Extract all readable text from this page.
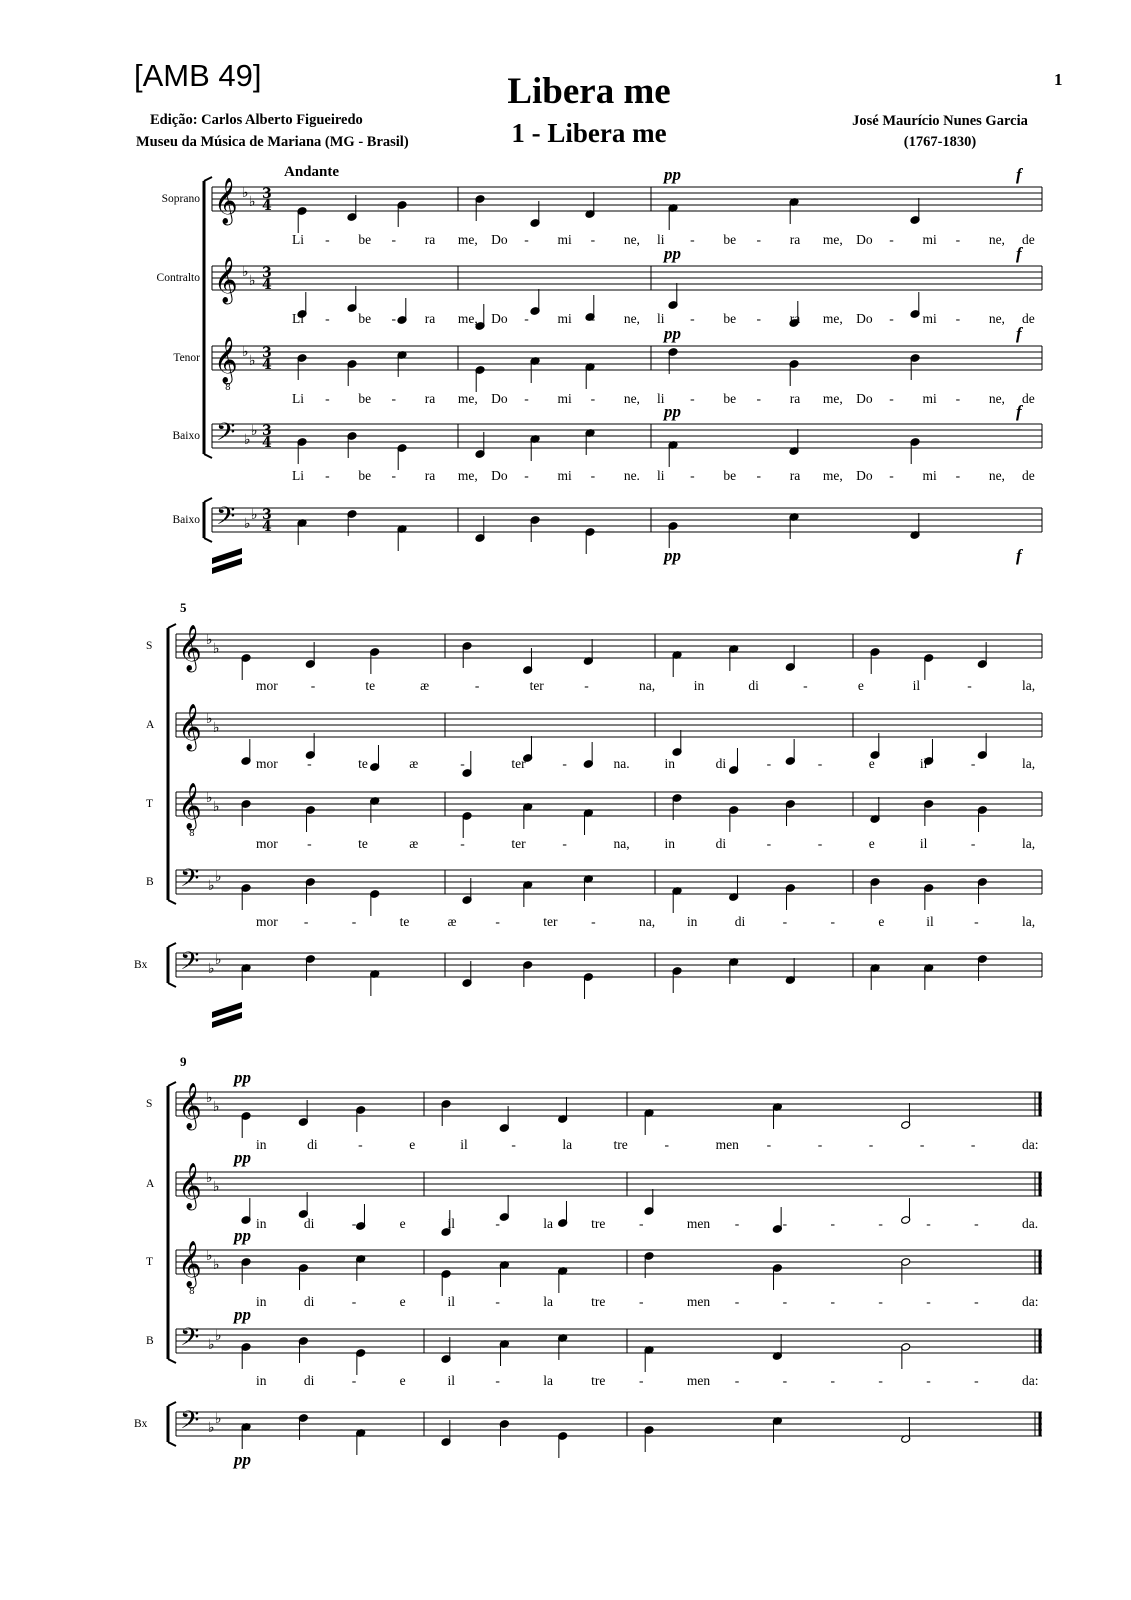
[AMB 49]	Libera me
1 - Libera me
1
Edição: Carlos Alberto Figueiredo
Museu da Música de Mariana (MG - Brasil)
José Maurício Nunes Garcia
(1767-1830)
Andante
𝄞 ♭
♭ 3
4
𝄞 ♭
♭ 3
4
𝄞
8
♭
♭ 3
4
𝄢 ♭
♭ 3
4
𝄢 ♭
♭ 3
4
𝄞 ♭
♭
𝄞 ♭
♭
𝄞
8
♭
♭
𝄢 ♭
♭
𝄢 ♭
♭
𝄞 ♭
♭
𝄞 ♭
♭
𝄞
8
♭
♭
𝄢 ♭
♭
𝄢 ♭
♭
Soprano
Li - be - ra me, Do - mi - ne, li - be - ra me, Do - mi - ne, de
pp	f
Contralto
Li - be - ra me, Do - mi - ne, li - be - ra me, Do - mi - ne, de
pp	f
Tenor
Li - be - ra me, Do - mi - ne, li - be - ra me, Do - mi - ne, de
pp	f
Baixo
Li - be - ra me, Do - mi - ne. li - be - ra me, Do - mi - ne, de
pp	f
Baixo
pp	f
S
mor -	te	æ	-	ter	-	na,	in	di	-	e	il	-	la,
A
mor -	te	æ	-	ter	-	na.	in	di	-	-	e	il	-	la,
T
mor -	te	æ	-	ter	-	na,	in	di	-	-	e	il	-	la,
B
mor -	-	te	æ	-	ter -	na, in	di	-	-	e	il	-	la,
Bx
5
S
in	di	-	e	il	-	la	tre	-	men -	-	-	-	-	da:
pp
A
in	di	-	e	il	-	la	tre -	men -	-	-	-	-	-	da.
pp
T
in	di	-	e	il	-	la	tre -	men -	-	-	-	-	-	da:
pp
B
in	di	-	e	il	-	la	tre -	men -	-	-	-	-	-	da:
pp
Bx
pp
9
